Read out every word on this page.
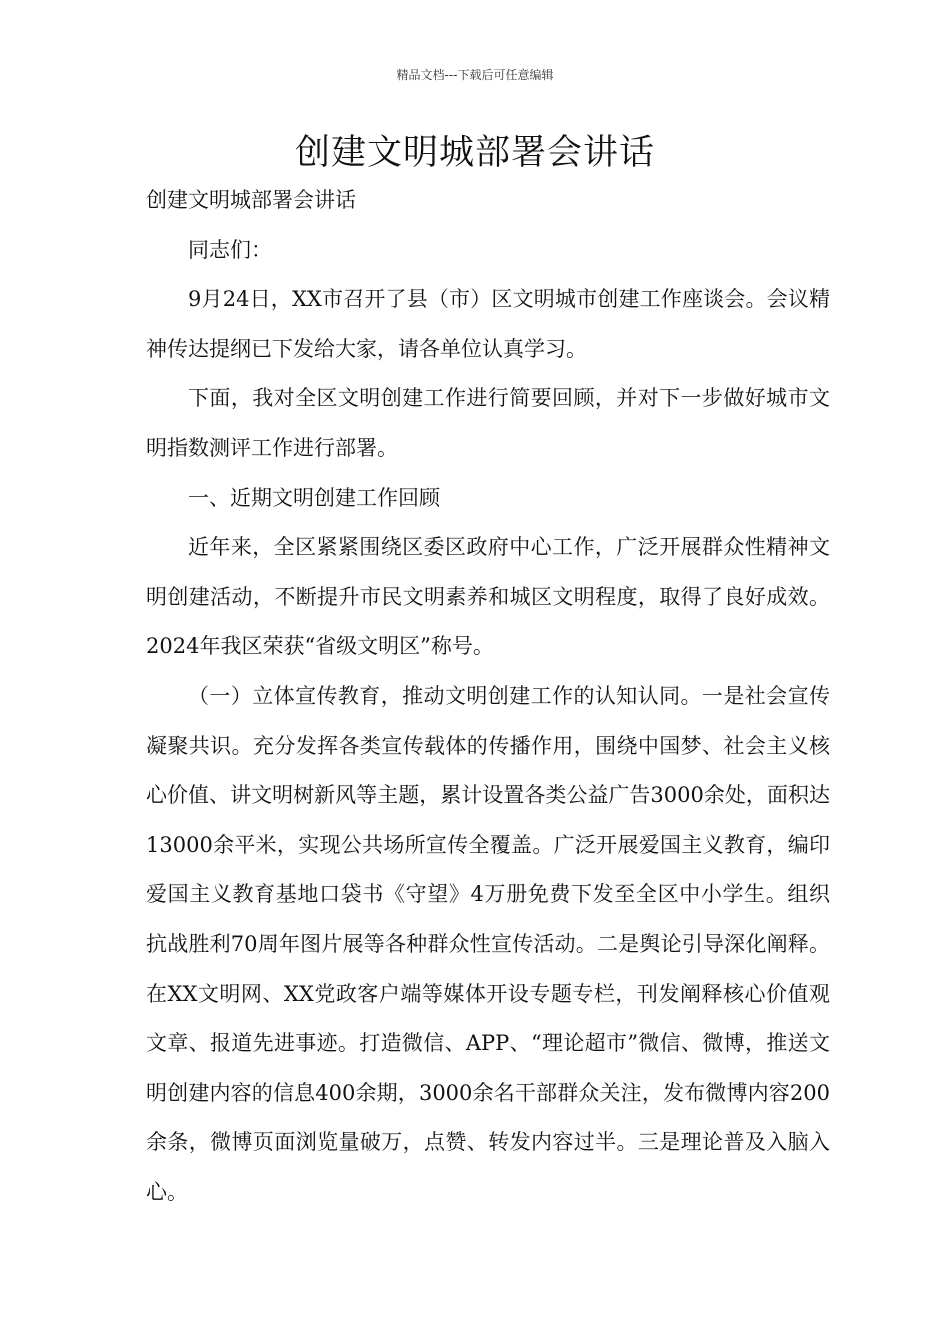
精品文档---下载后可任意编辑
创建文明城部署会讲话

创建文明城部署会讲话

同志们：

9月24日，XX市召开了县（市）区文明城市创建工作座谈会。会议精神传达提纲已下发给大家，请各单位认真学习。

下面，我对全区文明创建工作进行简要回顾，并对下一步做好城市文明指数测评工作进行部署。

一、近期文明创建工作回顾

近年来，全区紧紧围绕区委区政府中心工作，广泛开展群众性精神文明创建活动，不断提升市民文明素养和城区文明程度，取得了良好成效。2024年我区荣获“省级文明区”称号。

（一）立体宣传教育，推动文明创建工作的认知认同。一是社会宣传凝聚共识。充分发挥各类宣传载体的传播作用，围绕中国梦、社会主义核心价值、讲文明树新风等主题，累计设置各类公益广告3000余处，面积达13000余平米，实现公共场所宣传全覆盖。广泛开展爱国主义教育，编印爱国主义教育基地口袋书《守望》4万册免费下发至全区中小学生。组织抗战胜利70周年图片展等各种群众性宣传活动。二是舆论引导深化阐释。在XX文明网、XX党政客户端等媒体开设专题专栏，刊发阐释核心价值观文章、报道先进事迹。打造微信、APP、“理论超市”微信、微博，推送文明创建内容的信息400余期，3000余名干部群众关注，发布微博内容200余条，微博页面浏览量破万，点赞、转发内容过半。三是理论普及入脑入心。
